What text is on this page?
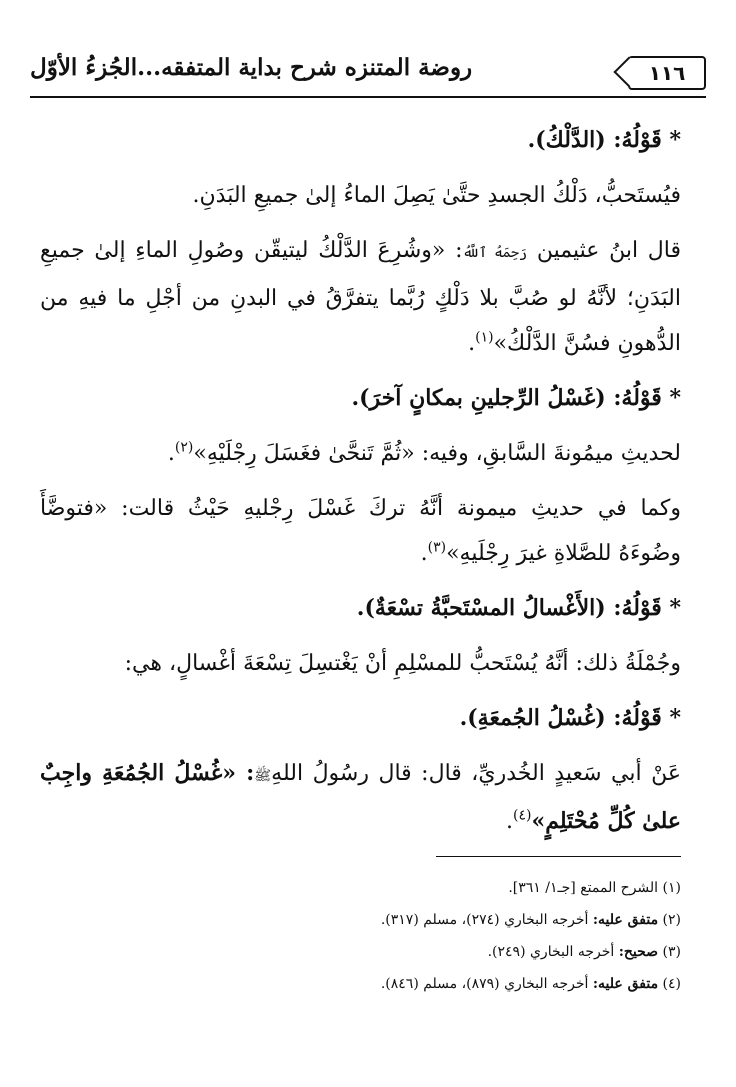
١١٦
روضة المتنزه شرح بداية المتفقه...الجُزءُ الأوّل

* قَوْلُهُ: (الدَّلْكُ).

فيُستَحبُّ، دَلْكُ الجسدِ حتَّىٰ يَصِلَ الماءُ إلىٰ جميعِ البَدَنِ.

قال ابنُ عثيمين رَحِمَهُ ٱللَّهُ: «وشُرِعَ الدَّلْكُ ليتيقّن وصُولِ الماءِ إلىٰ جميعِ البَدَنِ؛ لأنَّهُ لو صُبَّ بلا دَلْكٍ رُبَّما يتفرَّقُ في البدنِ من أجْلِ ما فيهِ من الدُّهونِ فسُنَّ الدَّلْكُ»$^{(١)}$.

* قَوْلُهُ: (غَسْلُ الرِّجلينِ بمكانٍ آخرَ).

لحديثِ ميمُونةَ السَّابقِ، وفيه: «ثُمَّ تَنحَّىٰ فغَسَلَ رِجْلَيْهِ»$^{(٢)}$.

وكما في حديثِ ميمونة أنَّهُ تركَ غَسْلَ رِجْليهِ حَيْثُ قالت: «فتوضَّأَ وضُوءَهُ للصَّلاةِ غيرَ رِجْلَيهِ»$^{(٣)}$.

* قَوْلُهُ: (الأَغْسالُ المسْتَحبَّةُ تسْعَةٌ).

وجُمْلَةُ ذلك: أنَّهُ يُسْتَحبُّ للمسْلِمِ أنْ يَغْتسِلَ تِسْعَةَ أغْسالٍ، هي:

* قَوْلُهُ: (غُسْلُ الجُمعَةِ).

عَنْ أبي سَعيدٍ الخُدريِّ، قال: قال رسُولُ اللهِﷺ: «غُسْلُ الجُمُعَةِ واجِبٌ علىٰ كُلِّ مُحْتَلِمٍ»$^{(٤)}$.

(١) الشرح الممتع [جـ١/ ٣٦١].
(٢) متفق عليه: أخرجه البخاري (٢٧٤)، مسلم (٣١٧).
(٣) صحيح: أخرجه البخاري (٢٤٩).
(٤) متفق عليه: أخرجه البخاري (٨٧٩)، مسلم (٨٤٦).
